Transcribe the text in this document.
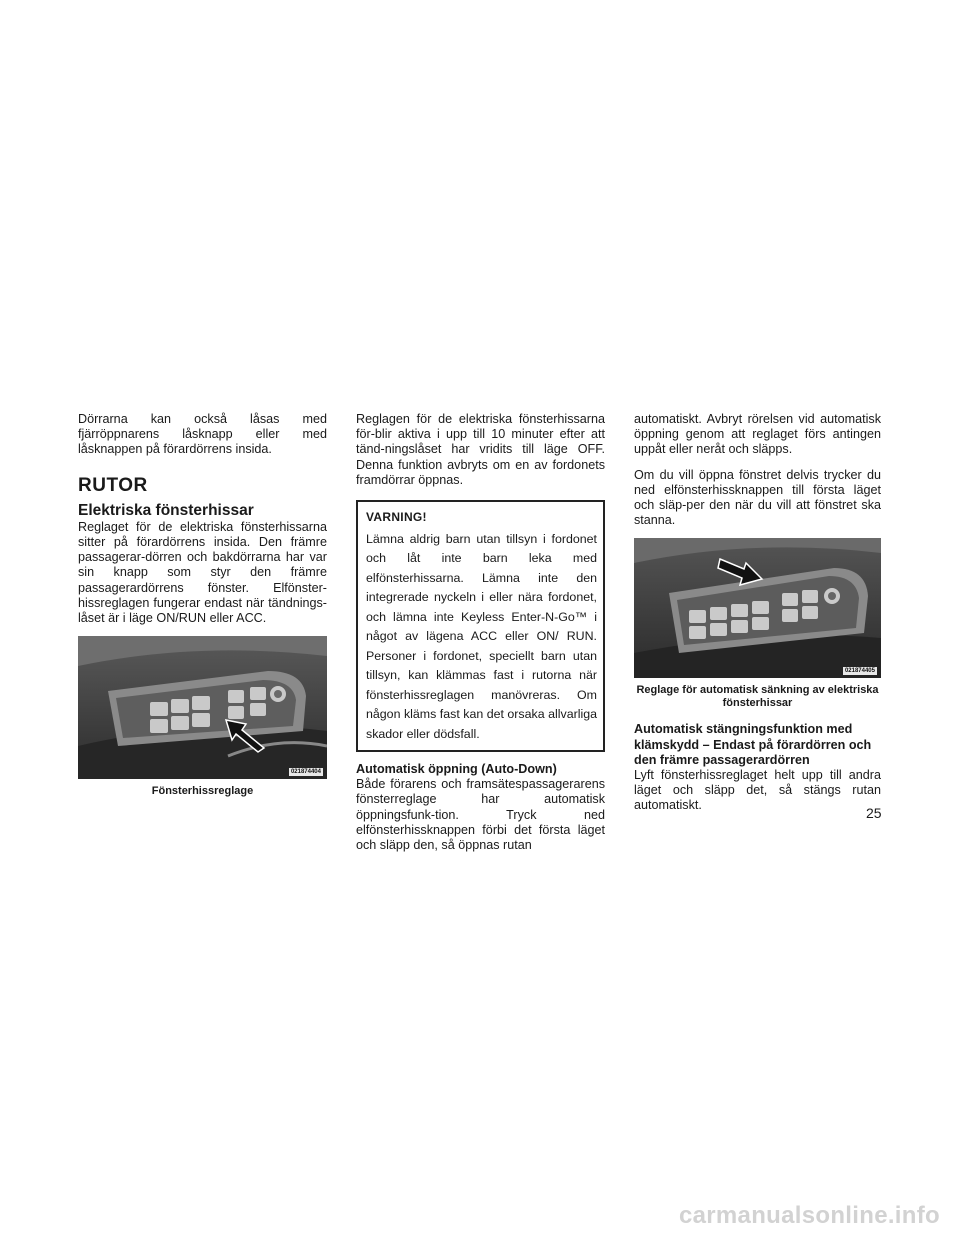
Dörrarna kan också låsas med fjärröppnarens låsknapp eller med låsknappen på förardörrens insida.

RUTOR
Elektriska fönsterhissar

Reglaget för de elektriska fönsterhissarna sitter på förardörrens insida. Den främre passagerar-dörren och bakdörrarna har var sin knapp som styr den främre passagerardörrens fönster. Elfönster-hissreglagen fungerar endast när tändnings-låset är i läge ON/RUN eller ACC.

021874404
Fönsterhissreglage

Reglagen för de elektriska fönsterhissarna för-blir aktiva i upp till 10 minuter efter att tänd-ningslåset har vridits till läge OFF. Denna funktion avbryts om en av fordonets framdörrar öppnas.

VARNING!
Lämna aldrig barn utan tillsyn i fordonet och låt inte barn leka med elfönsterhissarna. Lämna inte den integrerade nyckeln i eller nära fordonet, och lämna inte Keyless Enter-N-Go™ i något av lägena ACC eller ON/ RUN. Personer i fordonet, speciellt barn utan tillsyn, kan klämmas fast i rutorna när fönsterhissreglagen manövreras. Om någon kläms fast kan det orsaka allvarliga skador eller dödsfall.
Automatisk öppning (Auto-Down)

Både förarens och framsätespassagerarens fönsterreglage har automatisk öppningsfunk-tion. Tryck ned elfönsterhissknappen förbi det första läget och släpp den, så öppnas rutan

automatiskt. Avbryt rörelsen vid automatisk öppning genom att reglaget förs antingen uppåt eller neråt och släpps.

Om du vill öppna fönstret delvis trycker du ned elfönsterhissknappen till första läget och släp-per den när du vill att fönstret ska stanna.

021874405
Reglage för automatisk sänkning av elektriska fönsterhissar
Automatisk stängningsfunktion med klämskydd – Endast på förardörren och den främre passagerardörren

Lyft fönsterhissreglaget helt upp till andra läget och släpp det, så stängs rutan automatiskt.	25
carmanualsonline.info
